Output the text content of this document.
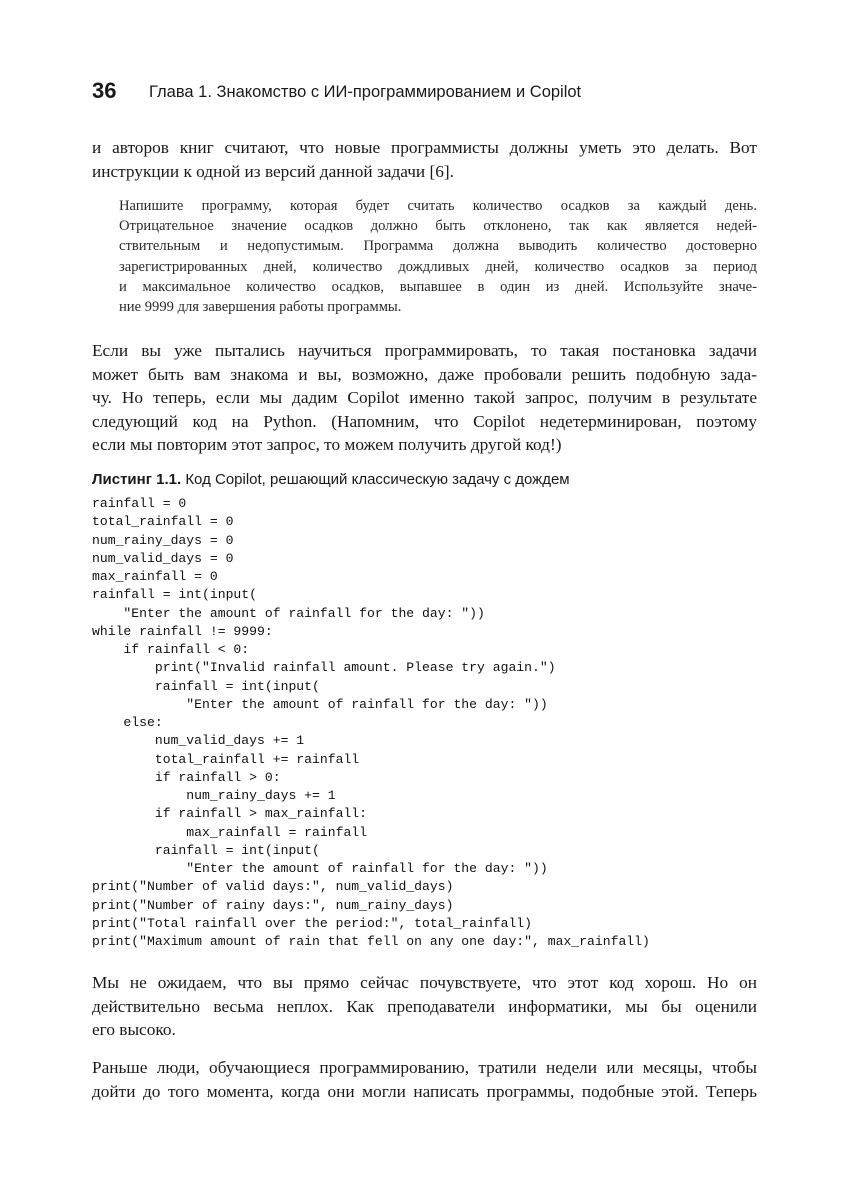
36 Глава 1. Знакомство с ИИ-программированием и Copilot

и авторов книг считают, что новые программисты должны уметь это делать. Вот
инструкции к одной из версий данной задачи [6].

Напишите программу, которая будет считать количество осадков за каждый день.
Отрицательное значение осадков должно быть отклонено, так как является недей-
ствительным и недопустимым. Программа должна выводить количество достоверно
зарегистрированных дней, количество дождливых дней, количество осадков за период
и максимальное количество осадков, выпавшее в один из дней. Используйте значе-
ние 9999 для завершения работы программы.

Если вы уже пытались научиться программировать, то такая постановка задачи
может быть вам знакома и вы, возможно, даже пробовали решить подобную зада-
чу. Но теперь, если мы дадим Copilot именно такой запрос, получим в результате
следующий код на Python. (Напомним, что Copilot недетерминирован, поэтому
если мы повторим этот запрос, то можем получить другой код!)

Листинг 1.1. Код Copilot, решающий классическую задачу с дождем
rainfall = 0
total_rainfall = 0
num_rainy_days = 0
num_valid_days = 0
max_rainfall = 0
rainfall = int(input(
"Enter the amount of rainfall for the day: "))
while rainfall != 9999:
if rainfall < 0:
print("Invalid rainfall amount. Please try again.")
rainfall = int(input(
"Enter the amount of rainfall for the day: "))
else:
num_valid_days += 1
total_rainfall += rainfall
if rainfall > 0:
num_rainy_days += 1
if rainfall > max_rainfall:
max_rainfall = rainfall
rainfall = int(input(
"Enter the amount of rainfall for the day: "))
print("Number of valid days:", num_valid_days)
print("Number of rainy days:", num_rainy_days)
print("Total rainfall over the period:", total_rainfall)
print("Maximum amount of rain that fell on any one day:", max_rainfall)

Мы не ожидаем, что вы прямо сейчас почувствуете, что этот код хорош. Но он
действительно весьма неплох. Как преподаватели информатики, мы бы оценили
его высоко.

Раньше люди, обучающиеся программированию, тратили недели или месяцы, чтобы
дойти до того момента, когда они могли написать программы, подобные этой. Теперь
